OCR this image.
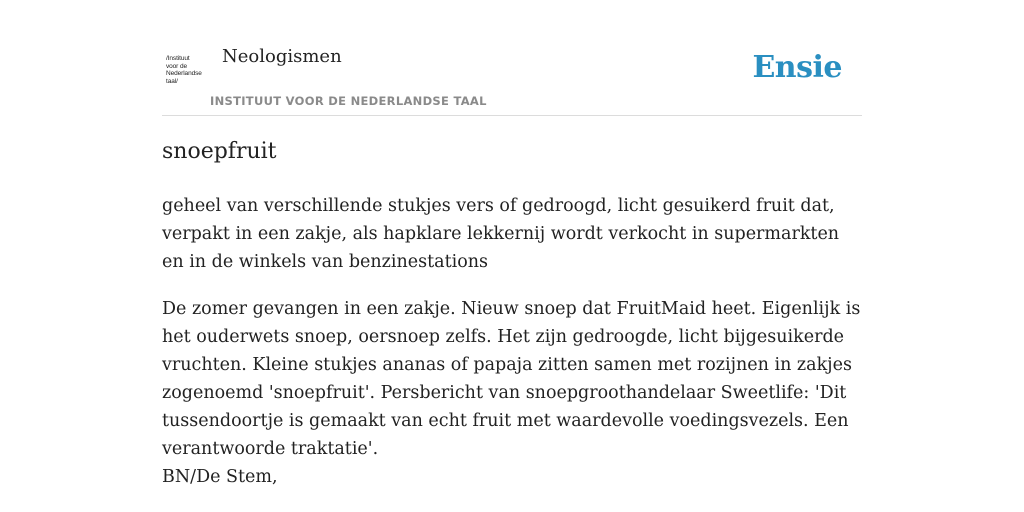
/Instituut
voor de
Nederlandse
taal/
Neologismen
INSTITUUT VOOR DE NEDERLANDSE TAAL
Ensie
snoepfruit

geheel van verschillende stukjes vers of gedroogd, licht gesuikerd fruit dat, verpakt in een zakje, als hapklare lekkernij wordt verkocht in supermarkten en in de winkels van benzinestations

De zomer gevangen in een zakje. Nieuw snoep dat FruitMaid heet. Eigenlijk is het ouderwets snoep, oersnoep zelfs. Het zijn gedroogde, licht bijgesuikerde vruchten. Kleine stukjes ananas of papaja zitten samen met rozijnen in zakjes zogenoemd 'snoepfruit'. Persbericht van snoepgroothandelaar Sweetlife: 'Dit tussendoortje is gemaakt van echt fruit met waardevolle voedingsvezels. Een verantwoorde traktatie'.
BN/De Stem,
